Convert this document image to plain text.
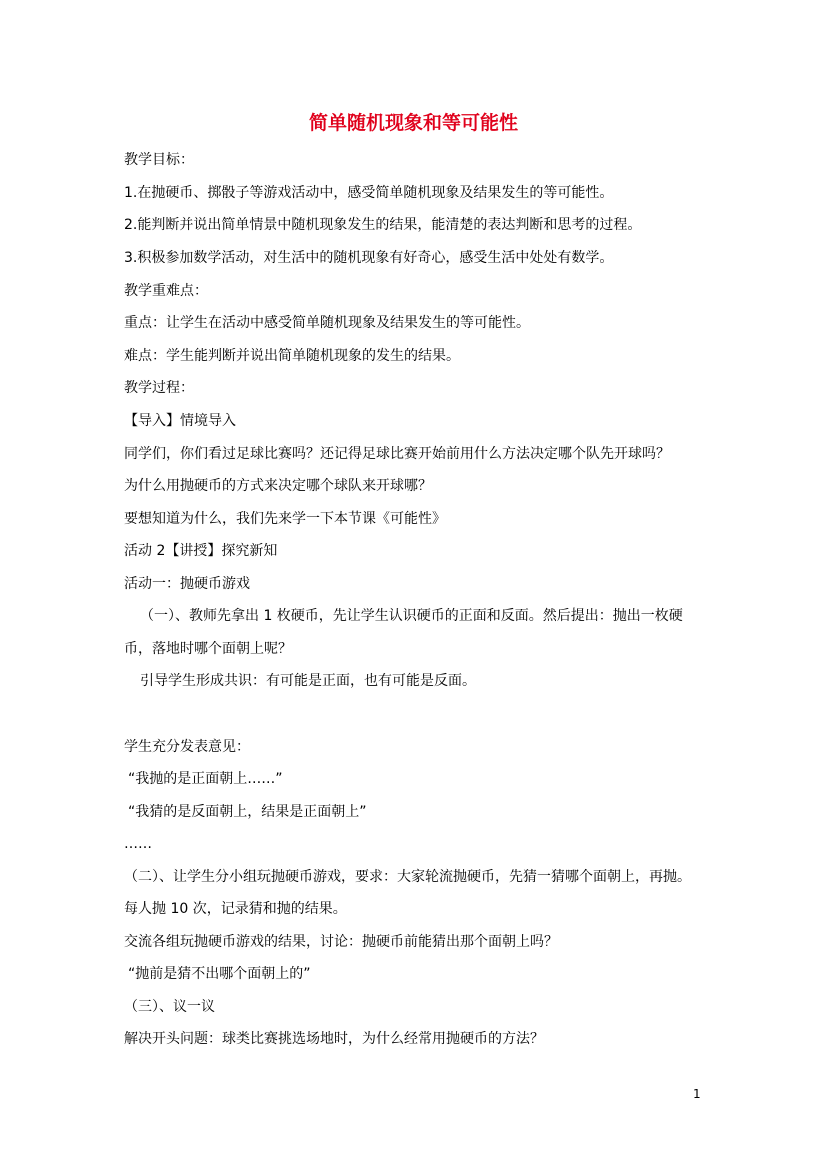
简单随机现象和等可能性
教学目标：
1.在抛硬币、掷骰子等游戏活动中，感受简单随机现象及结果发生的等可能性。
2.能判断并说出简单情景中随机现象发生的结果，能清楚的表达判断和思考的过程。
3.积极参加数学活动，对生活中的随机现象有好奇心，感受生活中处处有数学。
教学重难点：
重点：让学生在活动中感受简单随机现象及结果发生的等可能性。
难点：学生能判断并说出简单随机现象的发生的结果。
教学过程：
【导入】情境导入
同学们，你们看过足球比赛吗？还记得足球比赛开始前用什么方法决定哪个队先开球吗？
为什么用抛硬币的方式来决定哪个球队来开球哪？
要想知道为什么，我们先来学一下本节课《可能性》
活动 2【讲授】探究新知
活动一：抛硬币游戏
（一）、教师先拿出 1 枚硬币，先让学生认识硬币的正面和反面。然后提出：抛出一枚硬
币，落地时哪个面朝上呢？
引导学生形成共识：有可能是正面，也有可能是反面。
学生充分发表意见：
“我抛的是正面朝上……”
“我猜的是反面朝上，结果是正面朝上”
……
（二）、让学生分小组玩抛硬币游戏，要求：大家轮流抛硬币，先猜一猜哪个面朝上，再抛。
每人抛 10 次，记录猜和抛的结果。
交流各组玩抛硬币游戏的结果，讨论：抛硬币前能猜出那个面朝上吗？
“抛前是猜不出哪个面朝上的”
（三）、议一议
解决开头问题：球类比赛挑选场地时，为什么经常用抛硬币的方法？
1
